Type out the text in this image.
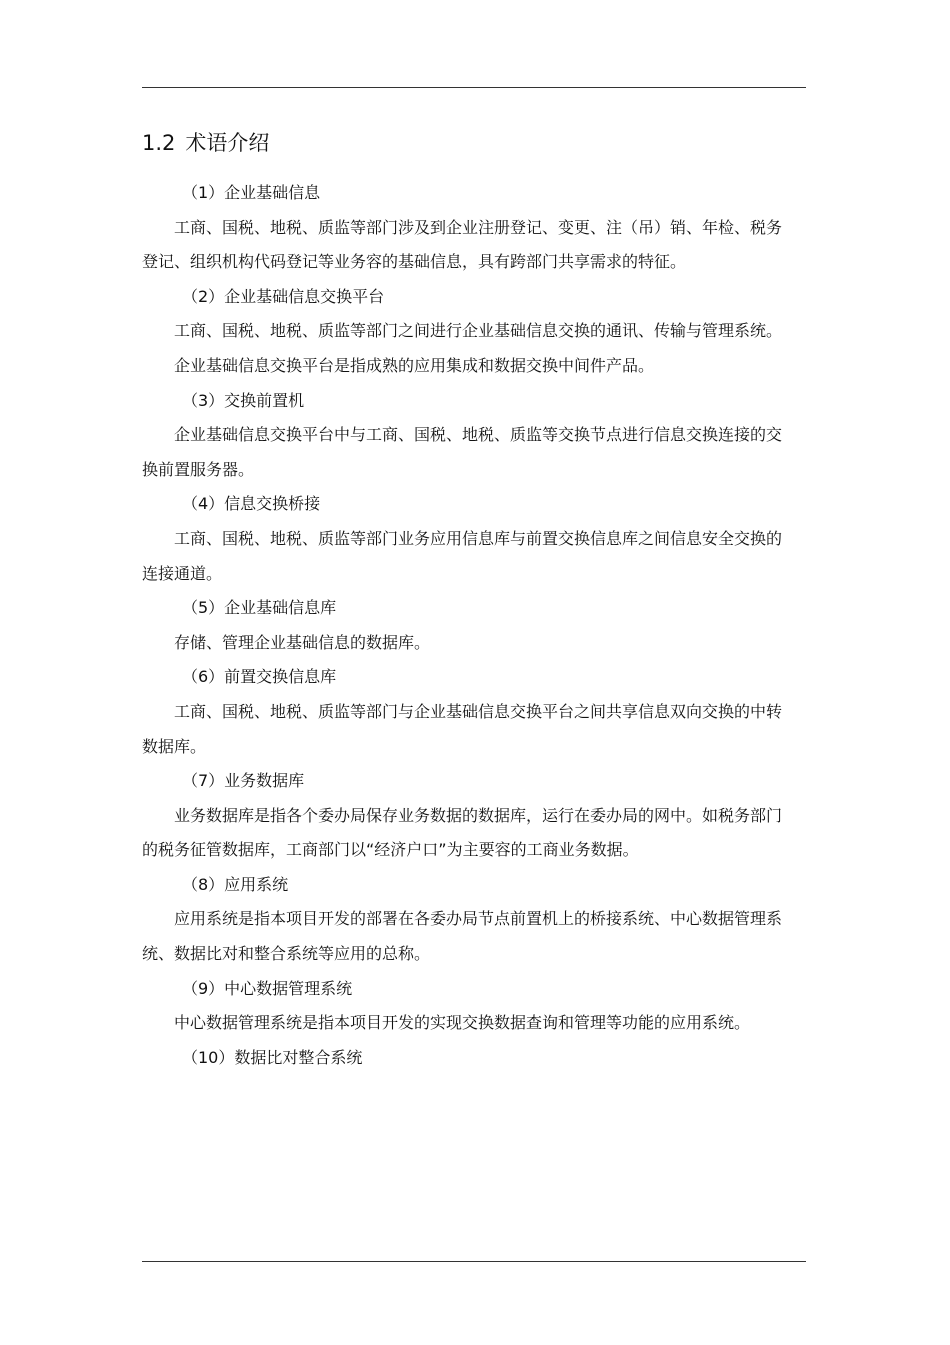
1.2 术语介绍

（1）企业基础信息

工商、国税、地税、质监等部门涉及到企业注册登记、变更、注（吊）销、年检、税务登记、组织机构代码登记等业务容的基础信息，具有跨部门共享需求的特征。

（2）企业基础信息交换平台

工商、国税、地税、质监等部门之间进行企业基础信息交换的通讯、传输与管理系统。

企业基础信息交换平台是指成熟的应用集成和数据交换中间件产品。

（3）交换前置机

企业基础信息交换平台中与工商、国税、地税、质监等交换节点进行信息交换连接的交换前置服务器。

（4）信息交换桥接

工商、国税、地税、质监等部门业务应用信息库与前置交换信息库之间信息安全交换的连接通道。

（5）企业基础信息库

存储、管理企业基础信息的数据库。

（6）前置交换信息库

工商、国税、地税、质监等部门与企业基础信息交换平台之间共享信息双向交换的中转数据库。

（7）业务数据库

业务数据库是指各个委办局保存业务数据的数据库，运行在委办局的网中。如税务部门的税务征管数据库，工商部门以“经济户口”为主要容的工商业务数据。

（8）应用系统

应用系统是指本项目开发的部署在各委办局节点前置机上的桥接系统、中心数据管理系统、数据比对和整合系统等应用的总称。

（9）中心数据管理系统

中心数据管理系统是指本项目开发的实现交换数据查询和管理等功能的应用系统。

（10）数据比对整合系统
